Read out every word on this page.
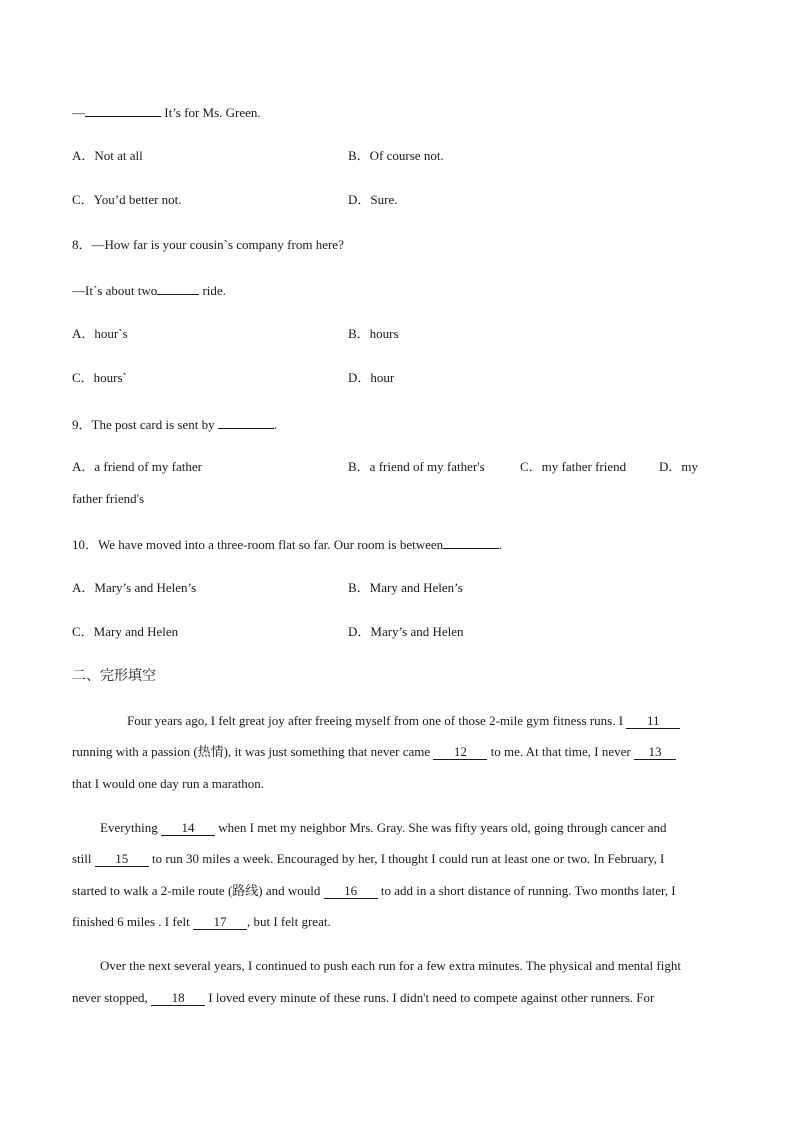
—	It’s for Ms. Green.
A．Not at all	B．Of course not.
C．You’d better not.	D．Sure.
8．—How far is your cousin`s company from here?
—It`s about two	ride.
A．hour`s	B．hours
C．hours`	D．hour
9．The post card is sent by	.
A．a friend of my father	B．a friend of my father's	C．my father friend	D．my
father friend's
10．We have moved into a three-room flat so far. Our room is between	.
A．Mary’s and Helen’s	B．Mary and Helen’s
C．Mary and Helen	D．Mary’s and Helen
二、完形填空
Four years ago, I felt great joy after freeing myself from one of those 2-mile gym fitness runs. I 11
running with a passion (热情), it was just something that never came 12 to me. At that time, I never 13
that I would one day run a marathon.
Everything 14 when I met my neighbor Mrs. Gray. She was fifty years old, going through cancer and
still 15 to run 30 miles a week. Encouraged by her, I thought I could run at least one or two. In February, I
started to walk a 2-mile route (路线) and would 16 to add in a short distance of running. Two months later, I
finished 6 miles . I felt 17 , but I felt great.
Over the next several years, I continued to push each run for a few extra minutes. The physical and mental fight
never stopped, 18 I loved every minute of these runs. I didn't need to compete against other runners. For
